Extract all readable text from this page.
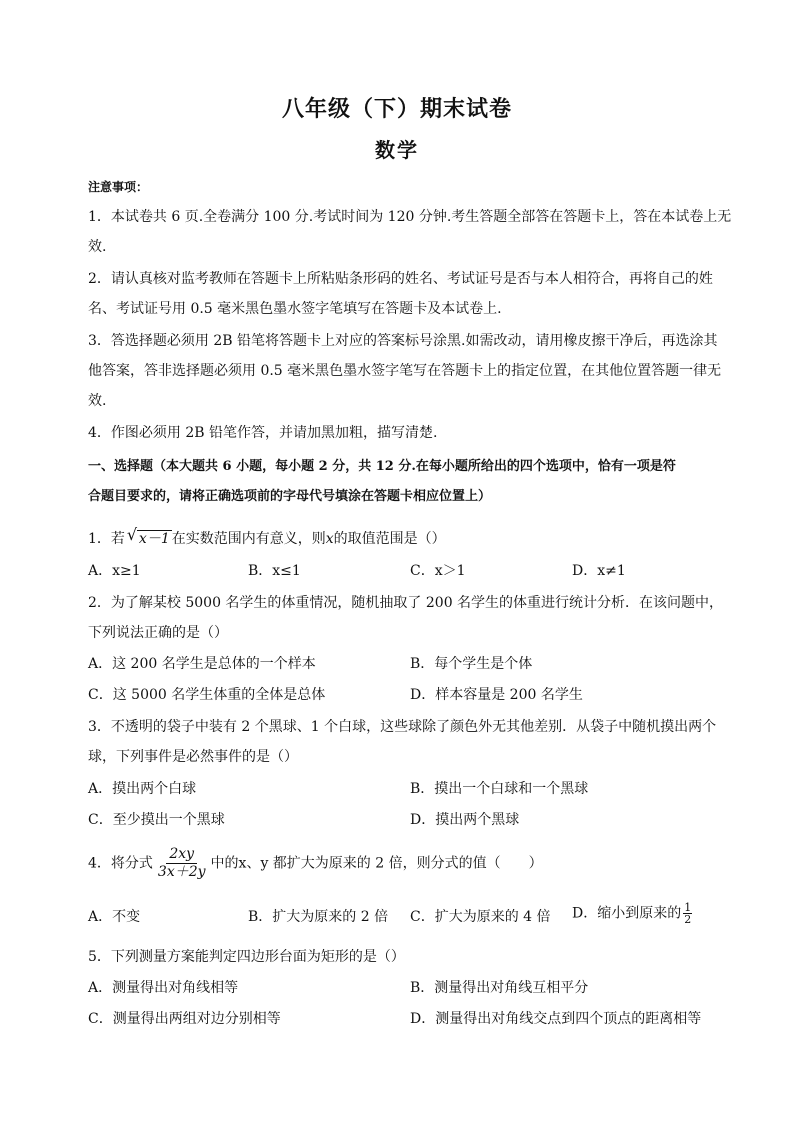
八年级（下）期末试卷
数学
注意事项：
1．本试卷共 6 页.全卷满分 100 分.考试时间为 120 分钟.考生答题全部答在答题卡上，答在本试卷上无
效.
2．请认真核对监考教师在答题卡上所粘贴条形码的姓名、考试证号是否与本人相符合，再将自己的姓
名、考试证号用 0.5 毫米黑色墨水签字笔填写在答题卡及本试卷上.
3．答选择题必须用 2B 铅笔将答题卡上对应的答案标号涂黑.如需改动，请用橡皮擦干净后，再选涂其
他答案，答非选择题必须用 0.5 毫米黑色墨水签字笔写在答题卡上的指定位置，在其他位置答题一律无
效.
4．作图必须用 2B 铅笔作答，并请加黑加粗，描写清楚.
一、选择题（本大题共 6 小题，每小题 2 分，共 12 分.在每小题所给出的四个选项中，恰有一项是符
合题目要求的，请将正确选项前的字母代号填涂在答题卡相应位置上）
1．若 √ x－1 在实数范围内有意义，则x的取值范围是（）
A．x≥1	B．x≤1	C．x＞1	D．x≠1
2．为了解某校 5000 名学生的体重情况，随机抽取了 200 名学生的体重进行统计分析．在该问题中，
下列说法正确的是（）
A．这 200 名学生是总体的一个样本	B．每个学生是个体
C．这 5000 名学生体重的全体是总体	D．样本容量是 200 名学生
3．不透明的袋子中装有 2 个黑球、1 个白球，这些球除了颜色外无其他差别．从袋子中随机摸出两个
球，下列事件是必然事件的是（）
A．摸出两个白球	B．摸出一个白球和一个黑球
C．至少摸出一个黑球	D．摸出两个黑球
4．将分式 $\frac{2xy}{3x+2y}$ 中的x、y 都扩大为原来的 2 倍，则分式的值（　　）
A．不变	B．扩大为原来的 2 倍 C．扩大为原来的 4 倍 D．缩小到原来的 $\frac{1}{2}$
5．下列测量方案能判定四边形台面为矩形的是（）
A．测量得出对角线相等	B．测量得出对角线互相平分
C．测量得出两组对边分别相等	D．测量得出对角线交点到四个顶点的距离相等
